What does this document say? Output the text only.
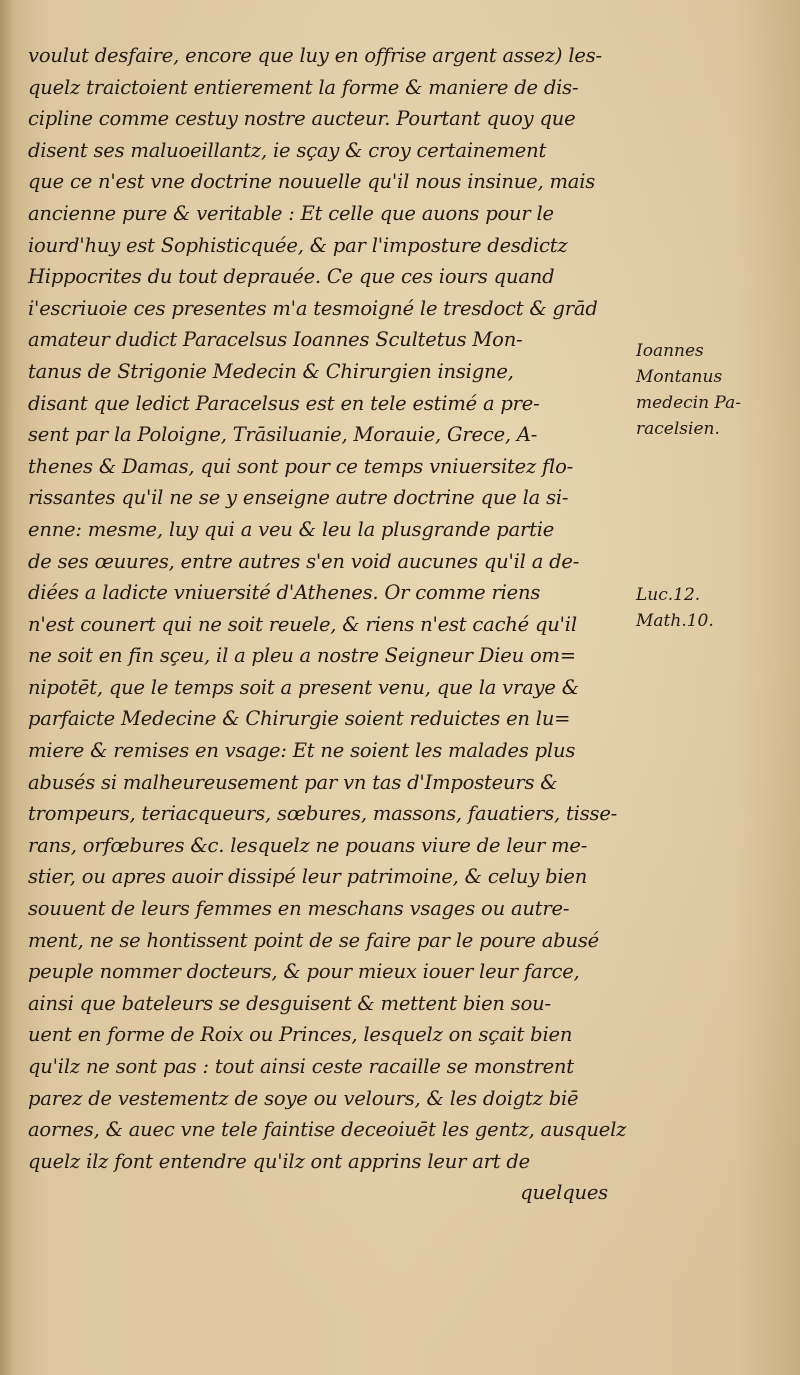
voulut desfaire, encore que luy en offrise argent assez) les-
quelz traictoient entierement la forme & maniere de dis-
cipline comme cestuy nostre aucteur. Pourtant quoy que
disent ses maluoeillantz, ie sçay & croy certainement
que ce n'est vne doctrine nouuelle qu'il nous insinue, mais
ancienne pure & veritable : Et celle que auons pour le
iourd'huy est Sophisticquée, & par l'imposture desdictz
Hippocrites du tout deprauée. Ce que ces iours quand
i'escriuoie ces presentes m'a tesmoigné le tresdoct & grād
amateur dudict Paracelsus Ioannes Scultetus Mon-
tanus de Strigonie Medecin & Chirurgien insigne,
disant que ledict Paracelsus est en tele estimé a pre-
sent par la Poloigne, Trāsiluanie, Morauie, Grece, A-
thenes & Damas, qui sont pour ce temps vniuersitez flo-
rissantes qu'il ne se y enseigne autre doctrine que la si-
enne: mesme, luy qui a veu & leu la plusgrande partie
de ses œuures, entre autres s'en void aucunes qu'il a de-
diées a ladicte vniuersité d'Athenes. Or comme riens
n'est counert qui ne soit reuele, & riens n'est caché qu'il
ne soit en fin sçeu, il a pleu a nostre Seigneur Dieu om=
nipotēt, que le temps soit a present venu, que la vraye &
parfaicte Medecine & Chirurgie soient reduictes en lu=
miere & remises en vsage: Et ne soient les malades plus
abusés si malheureusement par vn tas d'Imposteurs &
trompeurs, teriacqueurs, sœbures, massons, fauatiers, tisse-
rans, orfœbures &c. lesquelz ne pouans viure de leur me-
stier, ou apres auoir dissipé leur patrimoine, & celuy bien
souuent de leurs femmes en meschans vsages ou autre-
ment, ne se hontissent point de se faire par le poure abusé
peuple nommer docteurs, & pour mieux iouer leur farce,
ainsi que bateleurs se desguisent & mettent bien sou-
uent en forme de Roix ou Princes, lesquelz on sçait bien
qu'ilz ne sont pas : tout ainsi ceste racaille se monstrent
parez de vestementz de soye ou velours, & les doigtz biē
aornes, & auec vne tele faintise deceoiuēt les gentz, ausquelz
quelz ilz font entendre qu'ilz ont apprins leur art de
quelques
Ioannes
Montanus
medecin Pa-
racelsien.
Luc.12.
Math.10.
